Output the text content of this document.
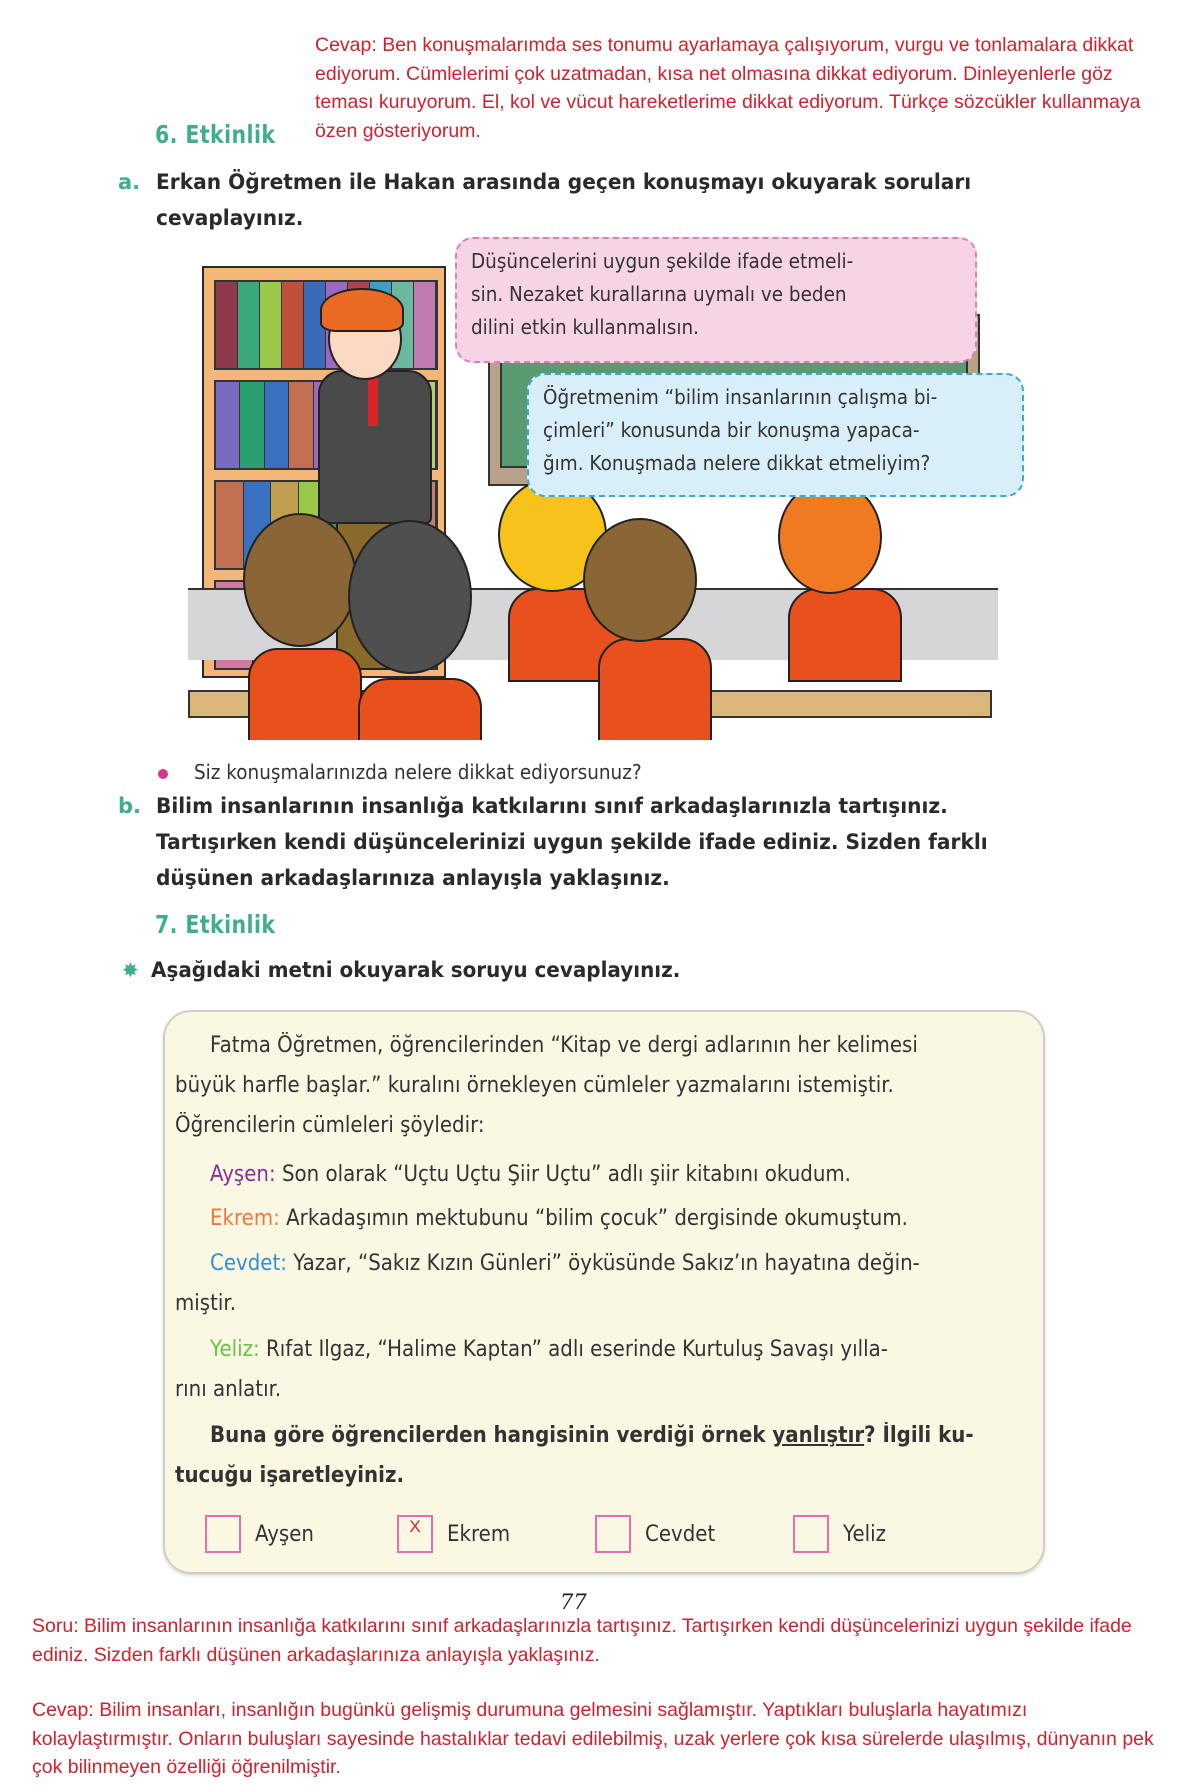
Cevap: Ben konuşmalarımda ses tonumu ayarlamaya çalışıyorum, vurgu ve tonlamalara dikkat ediyorum. Cümlelerimi çok uzatmadan, kısa net olmasına dikkat ediyorum. Dinleyenlerle göz teması kuruyorum. El, kol ve vücut hareketlerime dikkat ediyorum. Türkçe sözcükler kullanmaya özen gösteriyorum.
6. Etkinlik
a. Erkan Öğretmen ile Hakan arasında geçen konuşmayı okuyarak soruları cevaplayınız.
Düşüncelerini uygun şekilde ifade etmeli-
sin. Nezaket kurallarına uymalı ve beden
dilini etkin kullanmalısın.
Öğretmenim “bilim insanlarının çalışma bi-
çimleri” konusunda bir konuşma yapaca-
ğım. Konuşmada nelere dikkat etmeliyim?
Siz konuşmalarınızda nelere dikkat ediyorsunuz?
b. Bilim insanlarının insanlığa katkılarını sınıf arkadaşlarınızla tartışınız. Tartışırken kendi düşüncelerinizi uygun şekilde ifade ediniz. Sizden farklı düşünen arkadaşlarınıza anlayışla yaklaşınız.
7. Etkinlik
✸ Aşağıdaki metni okuyarak soruyu cevaplayınız.

Fatma Öğretmen, öğrencilerinden “Kitap ve dergi adlarının her kelimesi

büyük harfle başlar.” kuralını örnekleyen cümleler yazmalarını istemiştir.

Öğrencilerin cümleleri şöyledir:

Ayşen: Son olarak “Uçtu Uçtu Şiir Uçtu” adlı şiir kitabını okudum.

Ekrem: Arkadaşımın mektubunu “bilim çocuk” dergisinde okumuştum.

Cevdet: Yazar, “Sakız Kızın Günleri” öyküsünde Sakız’ın hayatına değin-

miştir.

Yeliz: Rıfat Ilgaz, “Halime Kaptan” adlı eserinde Kurtuluş Savaşı yılla-

rını anlatır.

Buna göre öğrencilerden hangisinin verdiği örnek yanlıştır? İlgili ku-

tucuğu işaretleyiniz.

Ayşen	X	Ekrem	Cevdet	Yeliz
77
Soru: Bilim insanlarının insanlığa katkılarını sınıf arkadaşlarınızla tartışınız. Tartışırken kendi düşüncelerinizi uygun şekilde ifade ediniz. Sizden farklı düşünen arkadaşlarınıza anlayışla yaklaşınız.
Cevap: Bilim insanları, insanlığın bugünkü gelişmiş durumuna gelmesini sağlamıştır. Yaptıkları buluşlarla hayatımızı kolaylaştırmıştır. Onların buluşları sayesinde hastalıklar tedavi edilebilmiş, uzak yerlere çok kısa sürelerde ulaşılmış, dünyanın pek çok bilinmeyen özelliği öğrenilmiştir.
